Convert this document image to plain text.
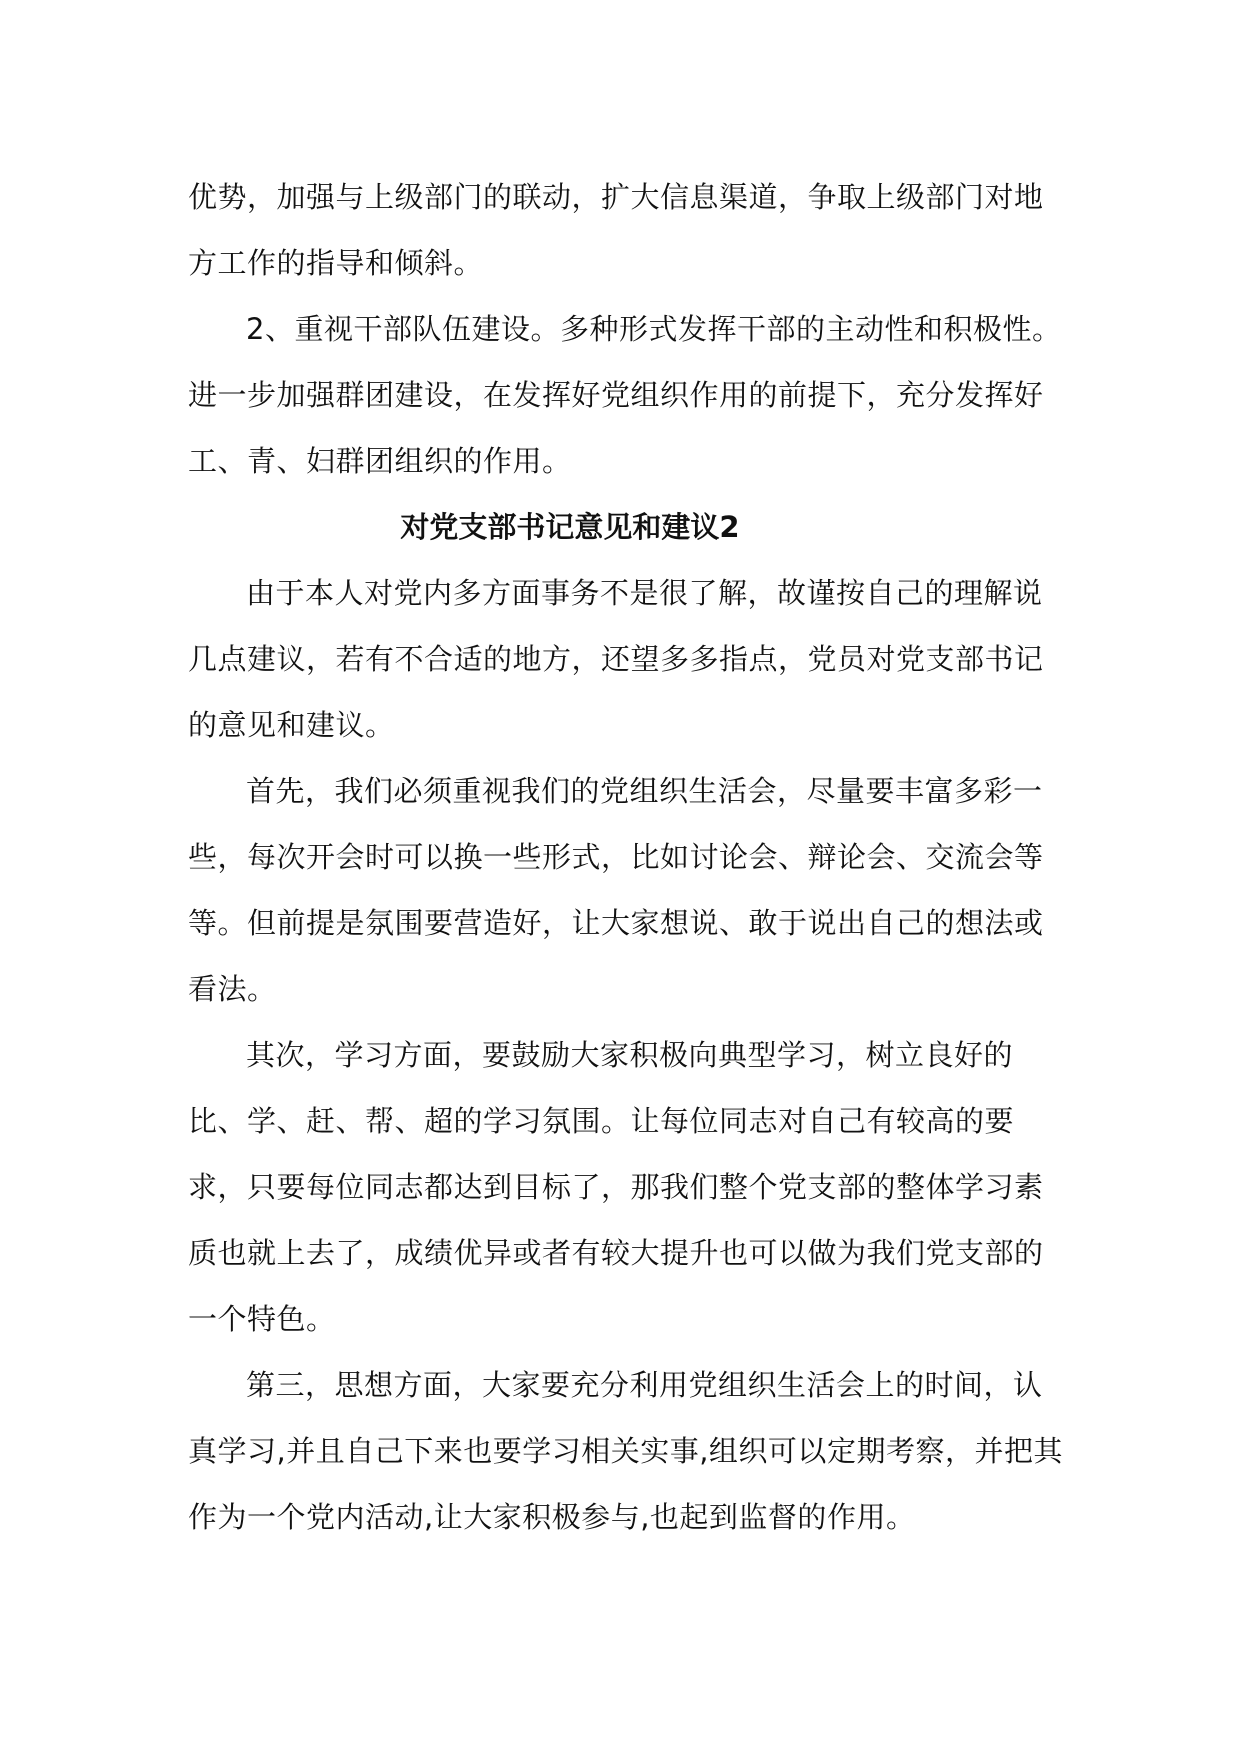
优势，加强与上级部门的联动，扩大信息渠道，争取上级部门对地
方工作的指导和倾斜。
2、重视干部队伍建设。多种形式发挥干部的主动性和积极性。
进一步加强群团建设，在发挥好党组织作用的前提下，充分发挥好
工、青、妇群团组织的作用。
对党支部书记意见和建议2
由于本人对党内多方面事务不是很了解，故谨按自己的理解说
几点建议，若有不合适的地方，还望多多指点，党员对党支部书记
的意见和建议。
首先，我们必须重视我们的党组织生活会，尽量要丰富多彩一
些，每次开会时可以换一些形式，比如讨论会、辩论会、交流会等
等。但前提是氛围要营造好，让大家想说、敢于说出自己的想法或
看法。
其次，学习方面，要鼓励大家积极向典型学习，树立良好的
比、学、赶、帮、超的学习氛围。让每位同志对自己有较高的要
求，只要每位同志都达到目标了，那我们整个党支部的整体学习素
质也就上去了，成绩优异或者有较大提升也可以做为我们党支部的
一个特色。
第三，思想方面，大家要充分利用党组织生活会上的时间，认
真学习,并且自己下来也要学习相关实事,组织可以定期考察，并把其
作为一个党内活动,让大家积极参与,也起到监督的作用。
